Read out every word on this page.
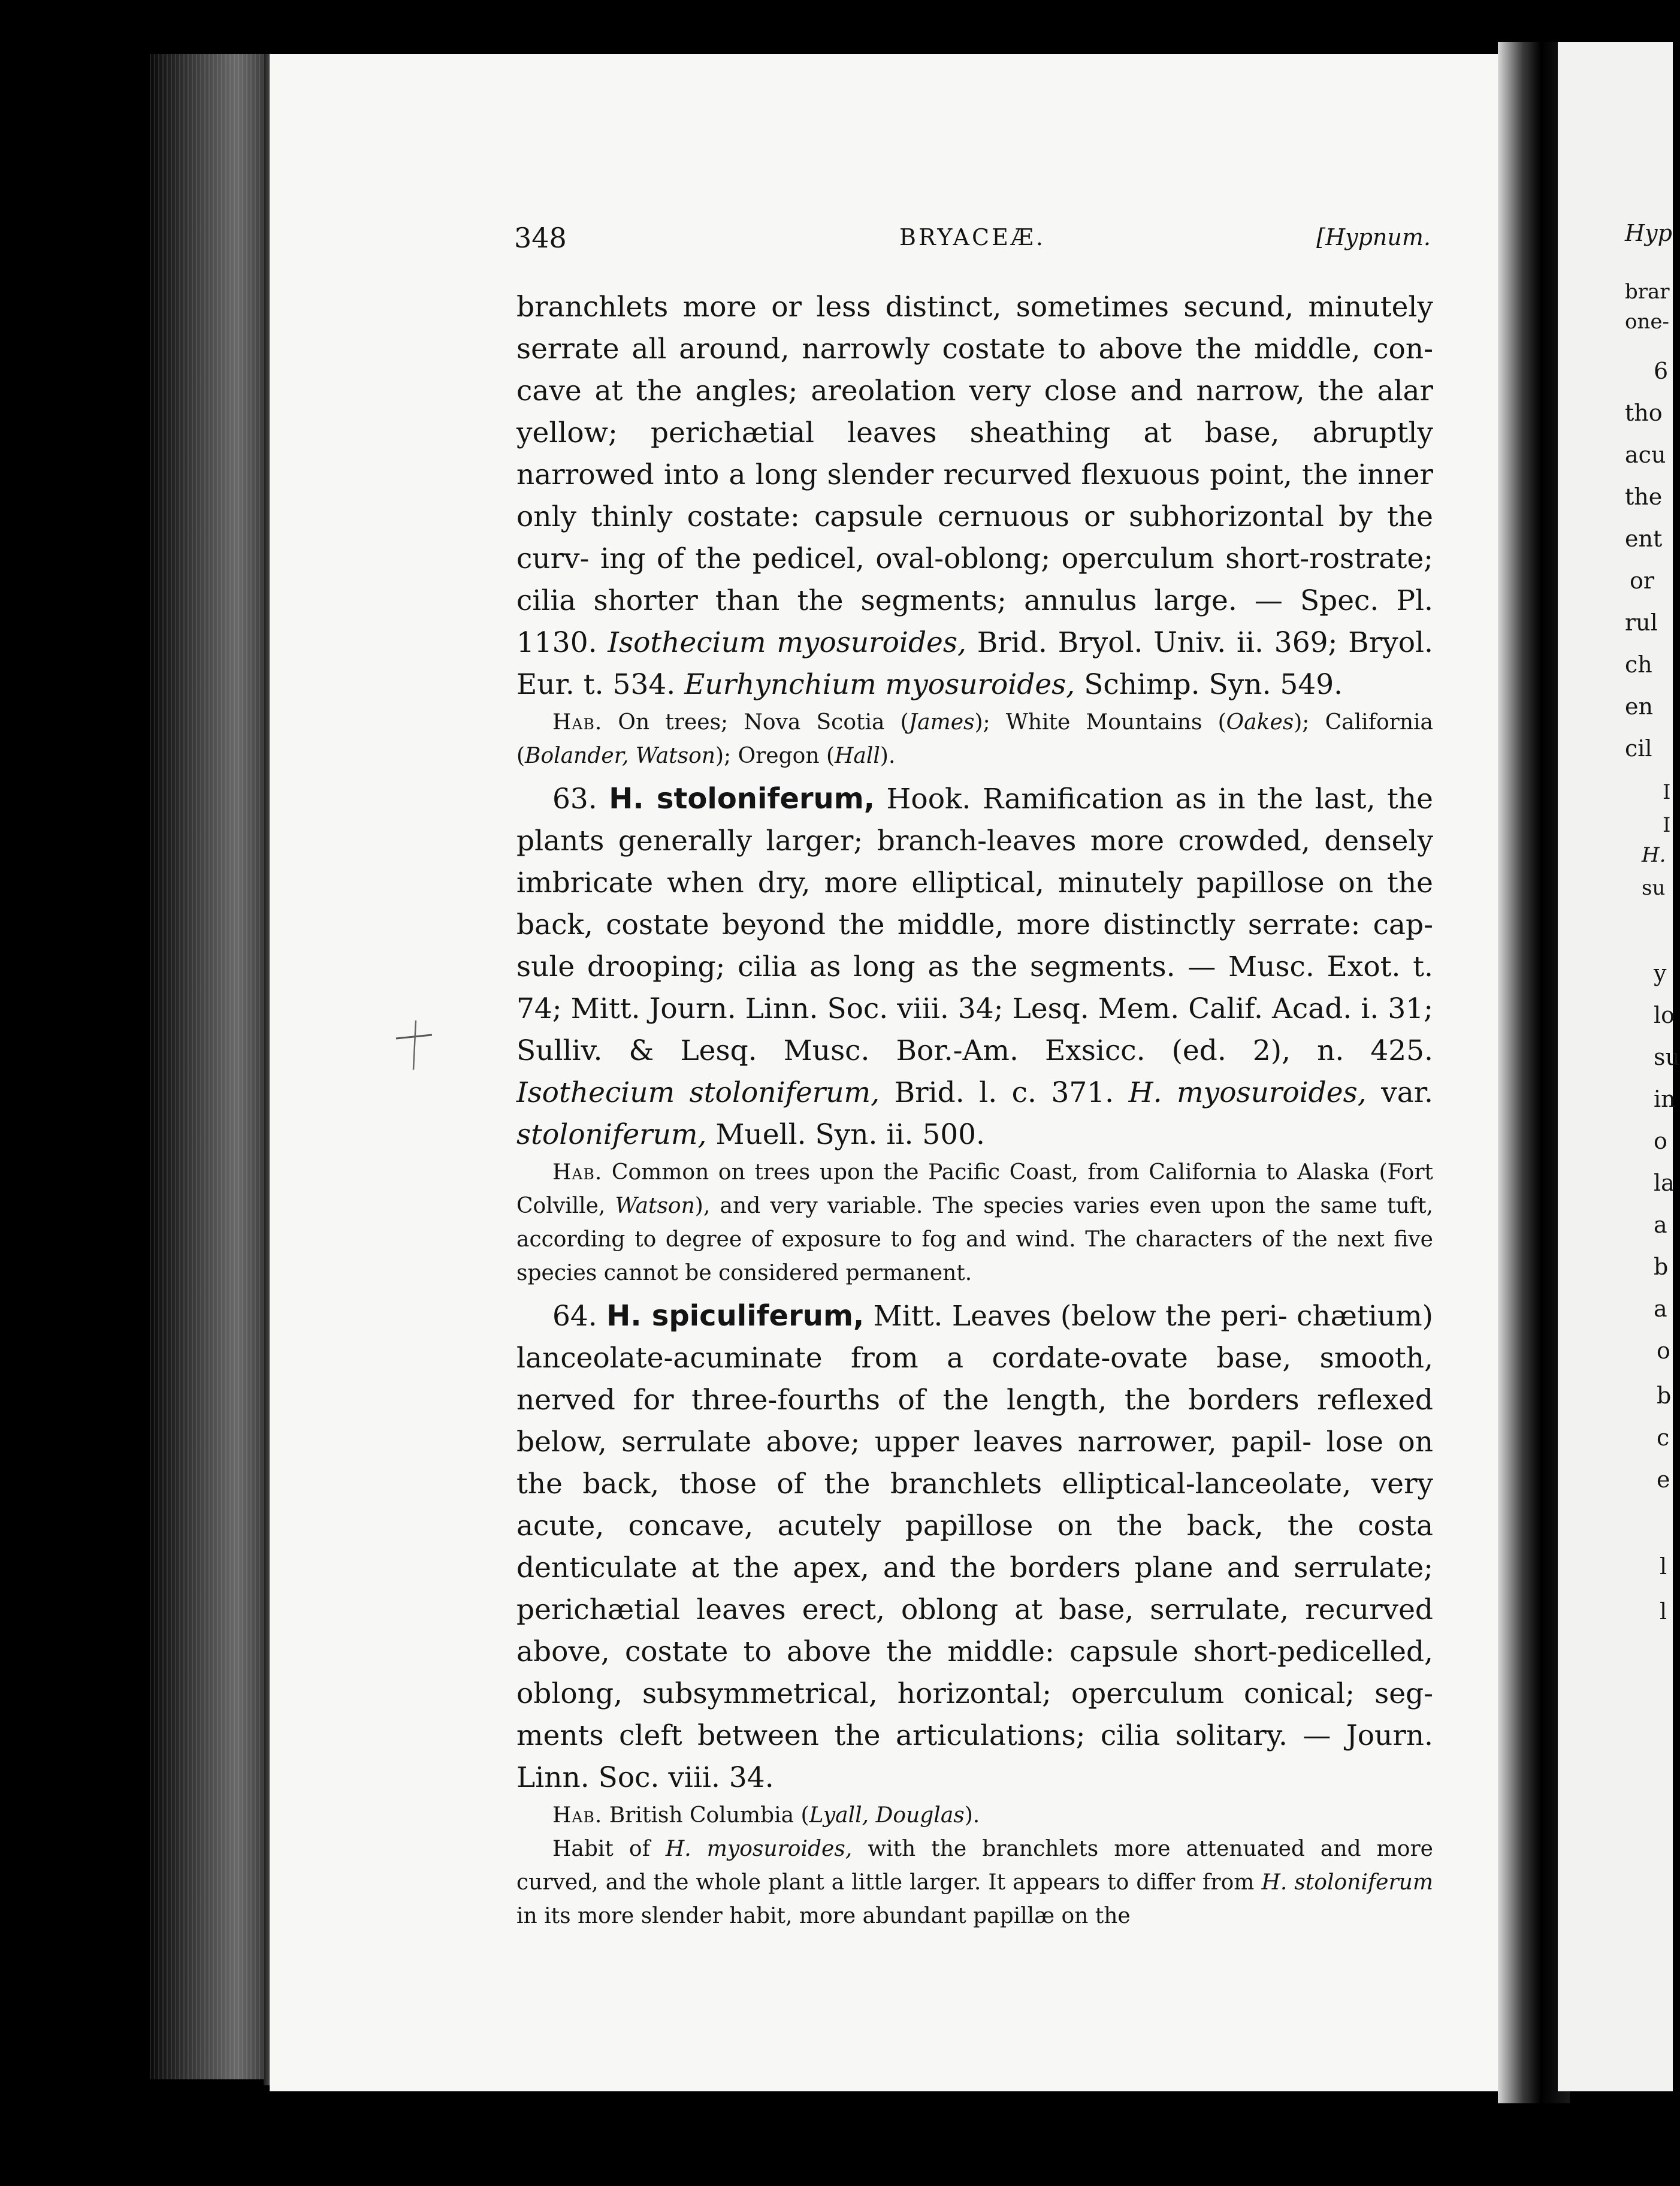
Hyp
brar
one-
6
tho
acu
the
ent
or
rul
ch
en
cil
I
I
H.
su
y
lo
su
in
o
la
a
b
a
o
b
c
e
l
l
348	BRYACEÆ.	[Hypnum.

branchlets more or less distinct, sometimes secund, minutely serrate all around, narrowly costate to above the middle, con- cave at the angles; areolation very close and narrow, the alar yellow; perichætial leaves sheathing at base, abruptly narrowed into a long slender recurved flexuous point, the inner only thinly costate: capsule cernuous or subhorizontal by the curv- ing of the pedicel, oval-oblong; operculum short-rostrate; cilia shorter than the segments; annulus large. — Spec. Pl. 1130. Isothecium myosuroides, Brid. Bryol. Univ. ii. 369; Bryol. Eur. t. 534. Eurhynchium myosuroides, Schimp. Syn. 549.

Hab. On trees; Nova Scotia (James); White Mountains (Oakes); California (Bolander, Watson); Oregon (Hall).

63. H. stoloniferum, Hook. Ramification as in the last, the plants generally larger; branch-leaves more crowded, densely imbricate when dry, more elliptical, minutely papillose on the back, costate beyond the middle, more distinctly serrate: cap- sule drooping; cilia as long as the segments. — Musc. Exot. t. 74; Mitt. Journ. Linn. Soc. viii. 34; Lesq. Mem. Calif. Acad. i. 31; Sulliv. & Lesq. Musc. Bor.-Am. Exsicc. (ed. 2), n. 425. Isothecium stoloniferum, Brid. l. c. 371. H. myosuroides, var. stoloniferum, Muell. Syn. ii. 500.

Hab. Common on trees upon the Pacific Coast, from California to Alaska (Fort Colville, Watson), and very variable. The species varies even upon the same tuft, according to degree of exposure to fog and wind. The characters of the next five species cannot be considered permanent.

64. H. spiculiferum, Mitt. Leaves (below the peri- chætium) lanceolate-acuminate from a cordate-ovate base, smooth, nerved for three-fourths of the length, the borders reflexed below, serrulate above; upper leaves narrower, papil- lose on the back, those of the branchlets elliptical-lanceolate, very acute, concave, acutely papillose on the back, the costa denticulate at the apex, and the borders plane and serrulate; perichætial leaves erect, oblong at base, serrulate, recurved above, costate to above the middle: capsule short-pedicelled, oblong, subsymmetrical, horizontal; operculum conical; seg- ments cleft between the articulations; cilia solitary. — Journ. Linn. Soc. viii. 34.

Hab. British Columbia (Lyall, Douglas).

Habit of H. myosuroides, with the branchlets more attenuated and more curved, and the whole plant a little larger. It appears to differ from H. stoloniferum in its more slender habit, more abundant papillæ on the
